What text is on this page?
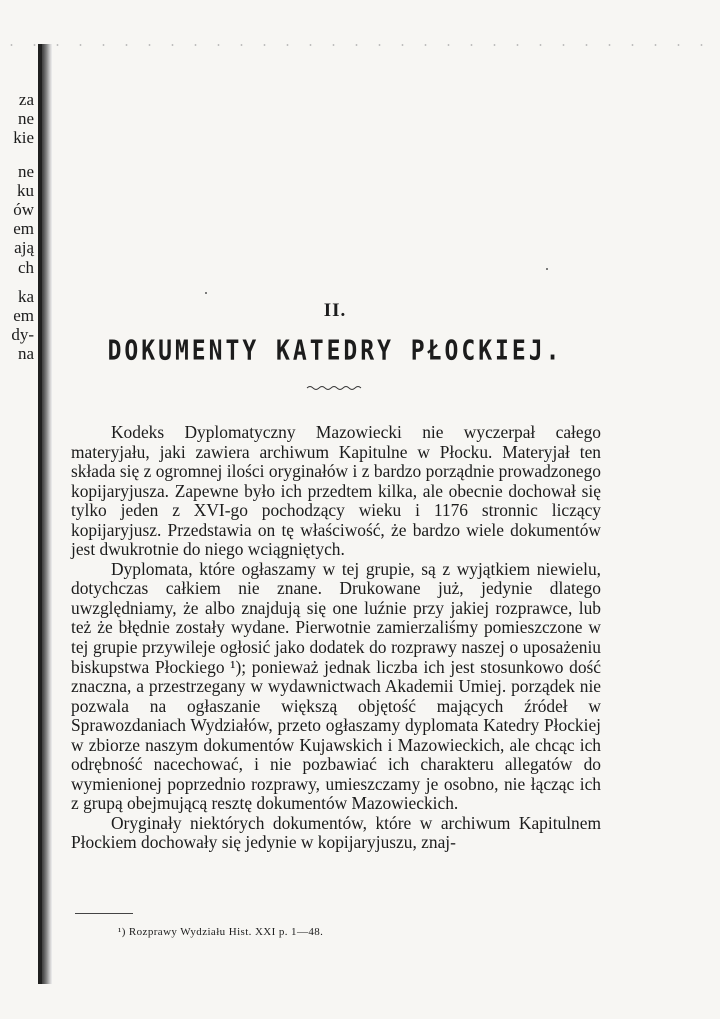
za
ne
kie
ne
ku
ów
em
ają
ch
ka
em
dy-
na
II.
DOKUMENTY KATEDRY PŁOCKIEJ.

Kodeks Dyplomatyczny Mazowiecki nie wyczerpał całego materyjału, jaki zawiera archiwum Kapitulne w Płocku. Materyjał ten składa się z ogromnej ilości oryginałów i z bardzo porządnie prowadzonego kopijaryjusza. Zapewne było ich przedtem kilka, ale obecnie dochował się tylko jeden z XVI-go pochodzący wieku i 1176 stronnic liczący kopijaryjusz. Przedstawia on tę właściwość, że bardzo wiele dokumentów jest dwukrotnie do niego wciągniętych.

Dyplomata, które ogłaszamy w tej grupie, są z wyjątkiem niewielu, dotychczas całkiem nie znane. Drukowane już, jedynie dlatego uwzględniamy, że albo znajdują się one luźnie przy jakiej rozprawce, lub też że błędnie zostały wydane. Pierwotnie zamierzaliśmy pomieszczone w tej grupie przywileje ogłosić jako dodatek do rozprawy naszej o uposażeniu biskupstwa Płockiego ¹); ponieważ jednak liczba ich jest stosunkowo dość znaczna, a przestrzegany w wydawnictwach Akademii Umiej. porządek nie pozwala na ogłaszanie większą objętość mających źródeł w Sprawozdaniach Wydziałów, przeto ogłaszamy dyplomata Katedry Płockiej w zbiorze naszym dokumentów Kujawskich i Mazowieckich, ale chcąc ich odrębność nacechować, i nie pozbawiać ich charakteru allegatów do wymienionej poprzednio rozprawy, umieszczamy je osobno, nie łącząc ich z grupą obejmującą resztę dokumentów Mazowieckich.

Oryginały niektórych dokumentów, które w archiwum Kapitulnem Płockiem dochowały się jedynie w kopijaryjuszu, znaj-

¹) Rozprawy Wydziału Hist. XXI p. 1—48.
